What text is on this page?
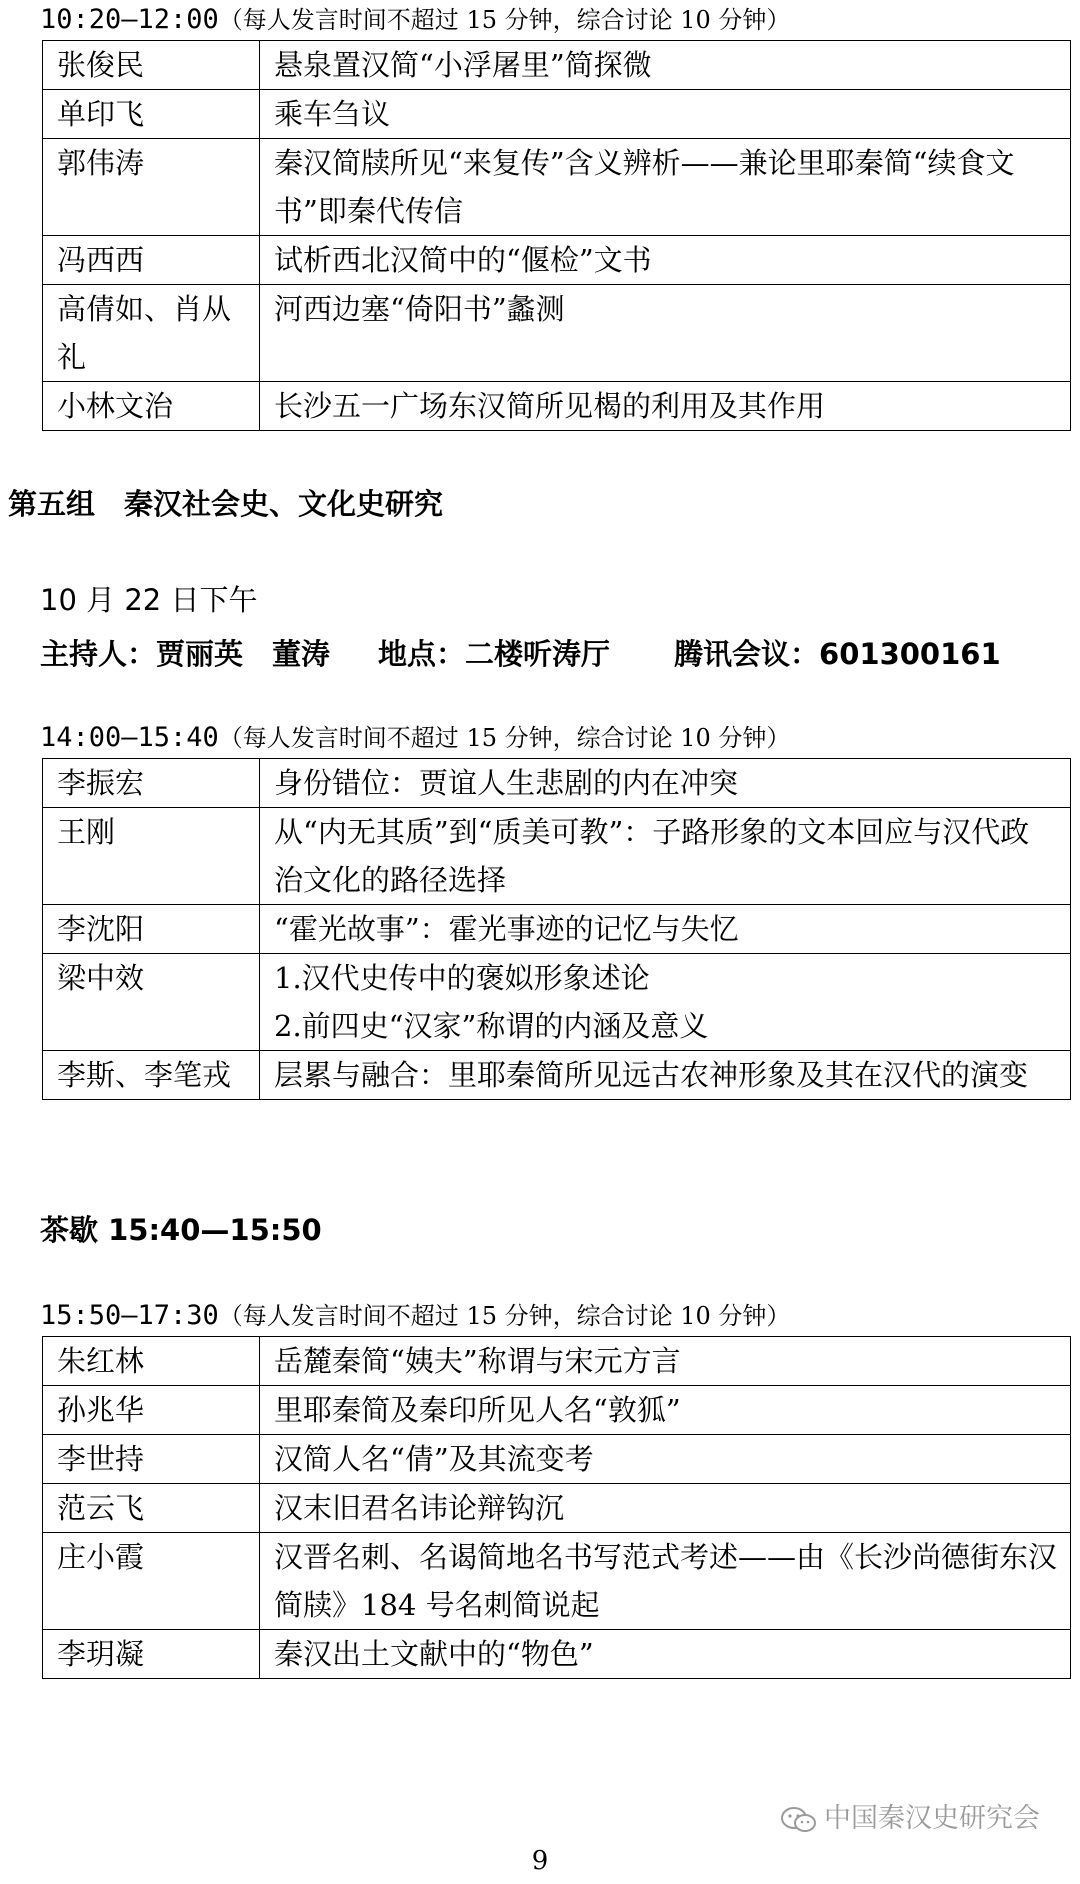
10:20—12:00（每人发言时间不超过 15 分钟，综合讨论 10 分钟）
张俊民	悬泉置汉简“小浮屠里”简探微

单印飞	乘车刍议

郭伟涛	秦汉简牍所见“来复传”含义辨析——兼论里耶秦简“续食文书”即秦代传信

冯西西	试析西北汉简中的“偃检”文书

高倩如、肖从礼	河西边塞“倚阳书”蠡测

小林文治	长沙五一广场东汉简所见楬的利用及其作用
第五组　秦汉社会史、文化史研究
10 月 22 日下午
主持人：贾丽英　董涛 地点：二楼听涛厅 腾讯会议：601300161
14:00—15:40（每人发言时间不超过 15 分钟，综合讨论 10 分钟）
李振宏	身份错位：贾谊人生悲剧的内在冲突

王刚	从“内无其质”到“质美可教”：子路形象的文本回应与汉代政治文化的路径选择

李沈阳	“霍光故事”：霍光事迹的记忆与失忆

梁中效	1.汉代史传中的褒姒形象述论
2.前四史“汉家”称谓的内涵及意义

李斯、李笔戎	层累与融合：里耶秦简所见远古农神形象及其在汉代的演变
茶歇 15:40—15:50
15:50—17:30（每人发言时间不超过 15 分钟，综合讨论 10 分钟）
朱红林	岳麓秦简“姨夫”称谓与宋元方言

孙兆华	里耶秦简及秦印所见人名“敦狐”

李世持	汉简人名“倩”及其流变考

范云飞	汉末旧君名讳论辩钩沉

庄小霞	汉晋名刺、名谒简地名书写范式考述——由《长沙尚德街东汉简牍》184 号名刺简说起

李玥凝	秦汉出土文献中的“物色”
中国秦汉史研究会
9
